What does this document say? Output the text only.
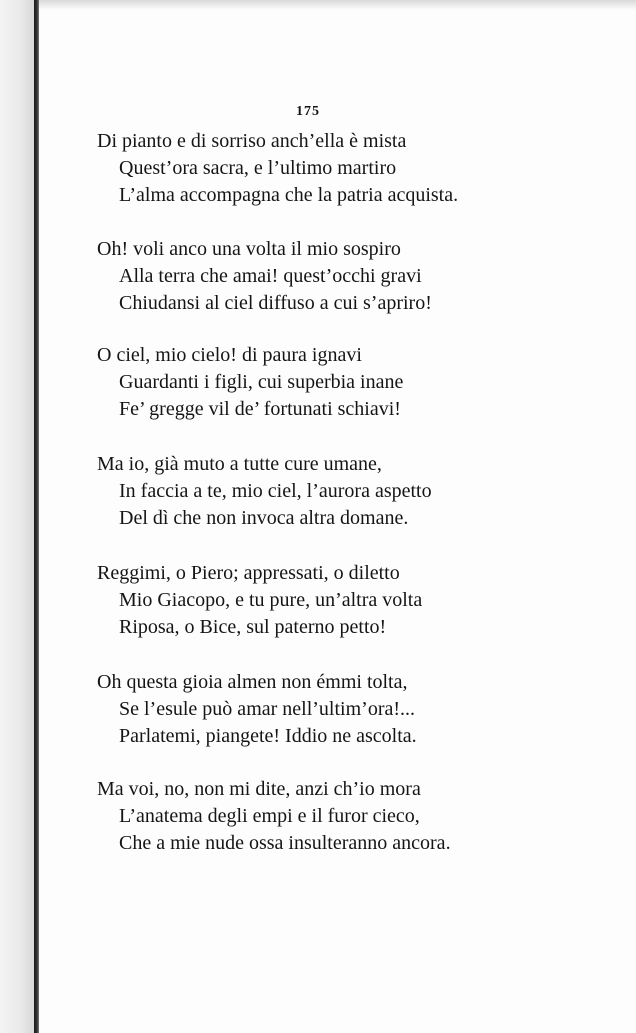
175
Di pianto e di sorriso anch’ella è mista
Quest’ora sacra, e l’ultimo martiro
L’alma accompagna che la patria acquista.
Oh! voli anco una volta il mio sospiro
Alla terra che amai! quest’occhi gravi
Chiudansi al ciel diffuso a cui s’apriro!
O ciel, mio cielo! di paura ignavi
Guardanti i figli, cui superbia inane
Fe’ gregge vil de’ fortunati schiavi!
Ma io, già muto a tutte cure umane,
In faccia a te, mio ciel, l’aurora aspetto
Del dì che non invoca altra domane.
Reggimi, o Piero; appressati, o diletto
Mio Giacopo, e tu pure, un’altra volta
Riposa, o Bice, sul paterno petto!
Oh questa gioia almen non émmi tolta,
Se l’esule può amar nell’ultim’ora!...
Parlatemi, piangete! Iddio ne ascolta.
Ma voi, no, non mi dite, anzi ch’io mora
L’anatema degli empi e il furor cieco,
Che a mie nude ossa insulteranno ancora.
